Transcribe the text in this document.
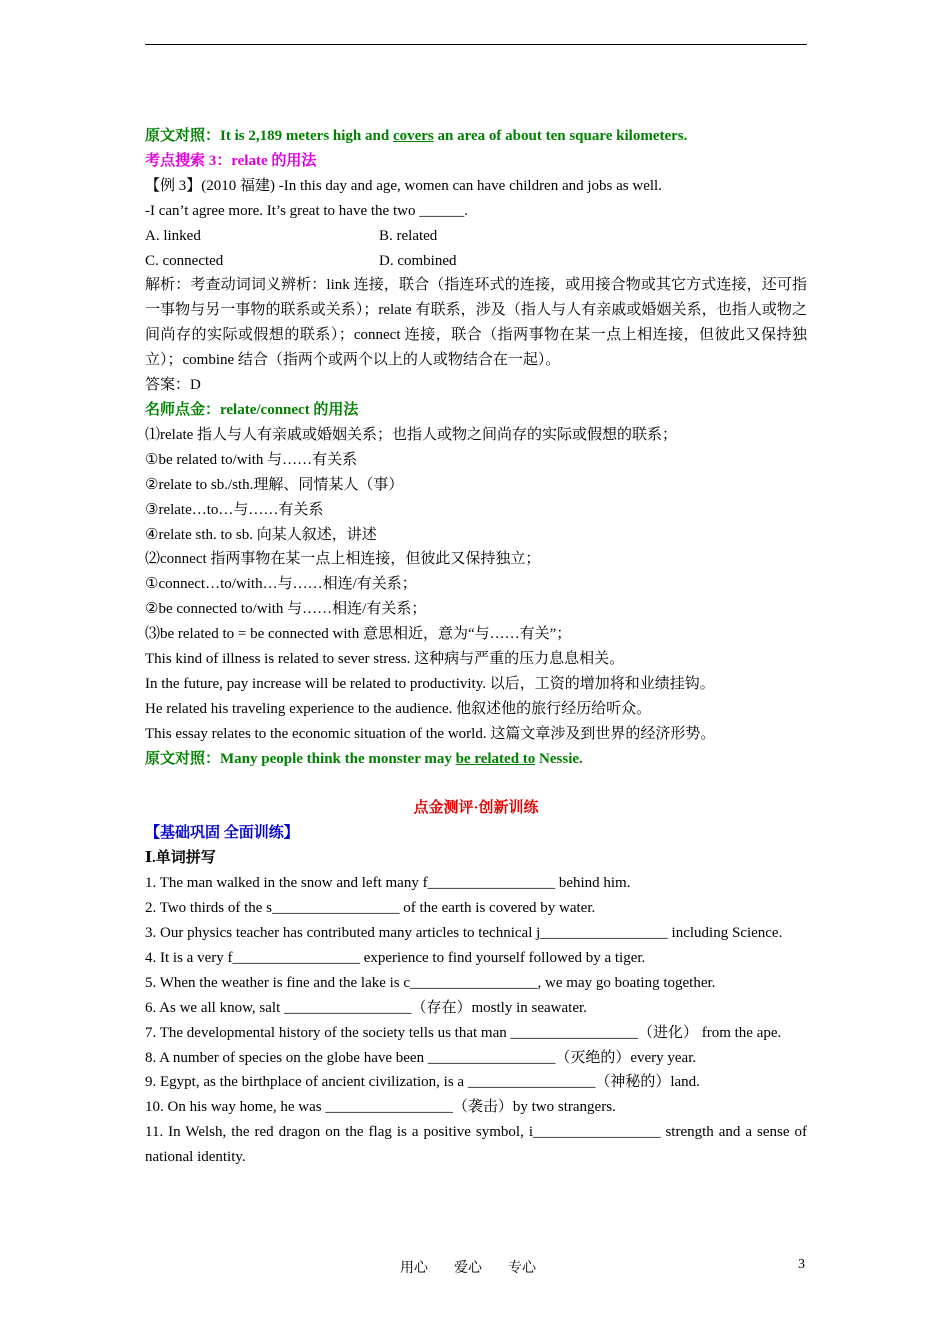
原文对照：It is 2,189 meters high and covers an area of about ten square kilometers.
考点搜索 3：relate 的用法
【例 3】(2010 福建) -In this day and age, women can have children and jobs as well.
-I can’t agree more. It’s great to have the two ______.
A. linked	B. related
C. connected	D. combined
解析：考查动词词义辨析：link 连接，联合（指连环式的连接，或用接合物或其它方式连接，还可指一事物与另一事物的联系或关系）；relate 有联系，涉及（指人与人有亲戚或婚姻关系，也指人或物之间尚存的实际或假想的联系）；connect 连接，联合（指两事物在某一点上相连接，但彼此又保持独立）；combine 结合（指两个或两个以上的人或物结合在一起）。
答案：D
名师点金：relate/connect 的用法
⑴relate 指人与人有亲戚或婚姻关系；也指人或物之间尚存的实际或假想的联系；
①be related to/with 与……有关系
②relate to sb./sth.理解、同情某人（事）
③relate…to…与……有关系
④relate sth. to sb. 向某人叙述，讲述
⑵connect 指两事物在某一点上相连接，但彼此又保持独立；
①connect…to/with…与……相连/有关系；
②be connected to/with 与……相连/有关系；
⑶be related to = be connected with 意思相近，意为“与……有关”；
This kind of illness is related to sever stress. 这种病与严重的压力息息相关。
In the future, pay increase will be related to productivity. 以后，工资的增加将和业绩挂钩。
He related his traveling experience to the audience. 他叙述他的旅行经历给听众。
This essay relates to the economic situation of the world. 这篇文章涉及到世界的经济形势。
原文对照：Many people think the monster may be related to Nessie.
点金测评·创新训练
【基础巩固 全面训练】
Ⅰ.单词拼写
1. The man walked in the snow and left many f_________________ behind him.
2. Two thirds of the s_________________ of the earth is covered by water.
3. Our physics teacher has contributed many articles to technical j_________________ including Science.
4. It is a very f_________________ experience to find yourself followed by a tiger.
5. When the weather is fine and the lake is c_________________, we may go boating together.
6. As we all know, salt _________________（存在）mostly in seawater.
7. The developmental history of the society tells us that man _________________（进化） from the ape.
8. A number of species on the globe have been _________________（灭绝的）every year.
9. Egypt, as the birthplace of ancient civilization, is a _________________（神秘的）land.
10. On his way home, he was _________________（袭击）by two strangers.
11. In Welsh, the red dragon on the flag is a positive symbol, i_________________ strength and a sense of national identity.
用心 爱心 专心	3
